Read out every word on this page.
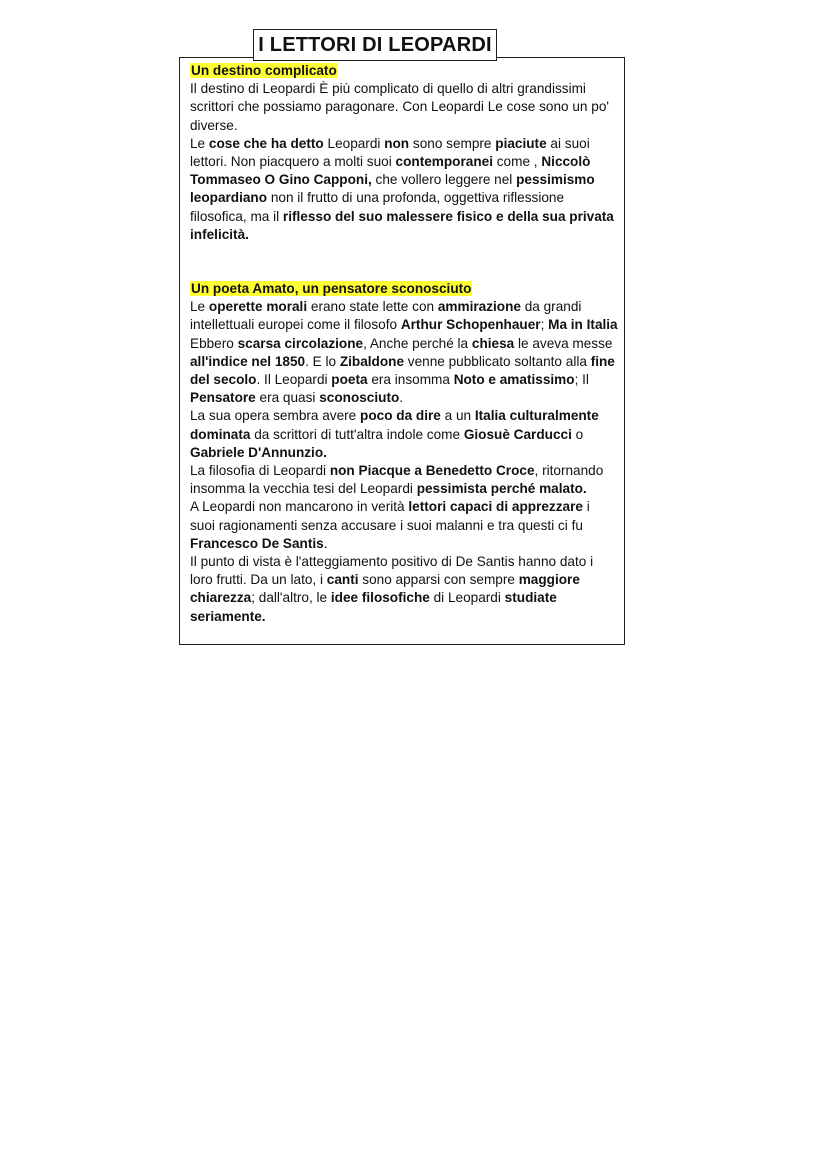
I LETTORI DI LEOPARDI

Un destino complicato

Il destino di Leopardi È più complicato di quello di altri grandissimi scrittori che possiamo paragonare. Con Leopardi Le cose sono un po' diverse.

Le cose che ha detto Leopardi non sono sempre piaciute ai suoi lettori. Non piacquero a molti suoi contemporanei come , Niccolò Tommaseo O Gino Capponi, che vollero leggere nel pessimismo leopardiano non il frutto di una profonda, oggettiva riflessione filosofica, ma il riflesso del suo malessere fisico e della sua privata infelicità.

Un poeta Amato, un pensatore sconosciuto

Le operette morali erano state lette con ammirazione da grandi intellettuali europei come il filosofo Arthur Schopenhauer; Ma in Italia Ebbero scarsa circolazione, Anche perché la chiesa le aveva messe all'indice nel 1850. E lo Zibaldone venne pubblicato soltanto alla fine del secolo. Il Leopardi poeta era insomma Noto e amatissimo; Il Pensatore era quasi sconosciuto.

La sua opera sembra avere poco da dire a un Italia culturalmente dominata da scrittori di tutt'altra indole come Giosuè Carducci o Gabriele D'Annunzio.

La filosofia di Leopardi non Piacque a Benedetto Croce, ritornando insomma la vecchia tesi del Leopardi pessimista perché malato.

A Leopardi non mancarono in verità lettori capaci di apprezzare i suoi ragionamenti senza accusare i suoi malanni e tra questi ci fu Francesco De Santis.

Il punto di vista è l'atteggiamento positivo di De Santis hanno dato i loro frutti. Da un lato, i canti sono apparsi con sempre maggiore chiarezza; dall'altro, le idee filosofiche di Leopardi studiate seriamente.
